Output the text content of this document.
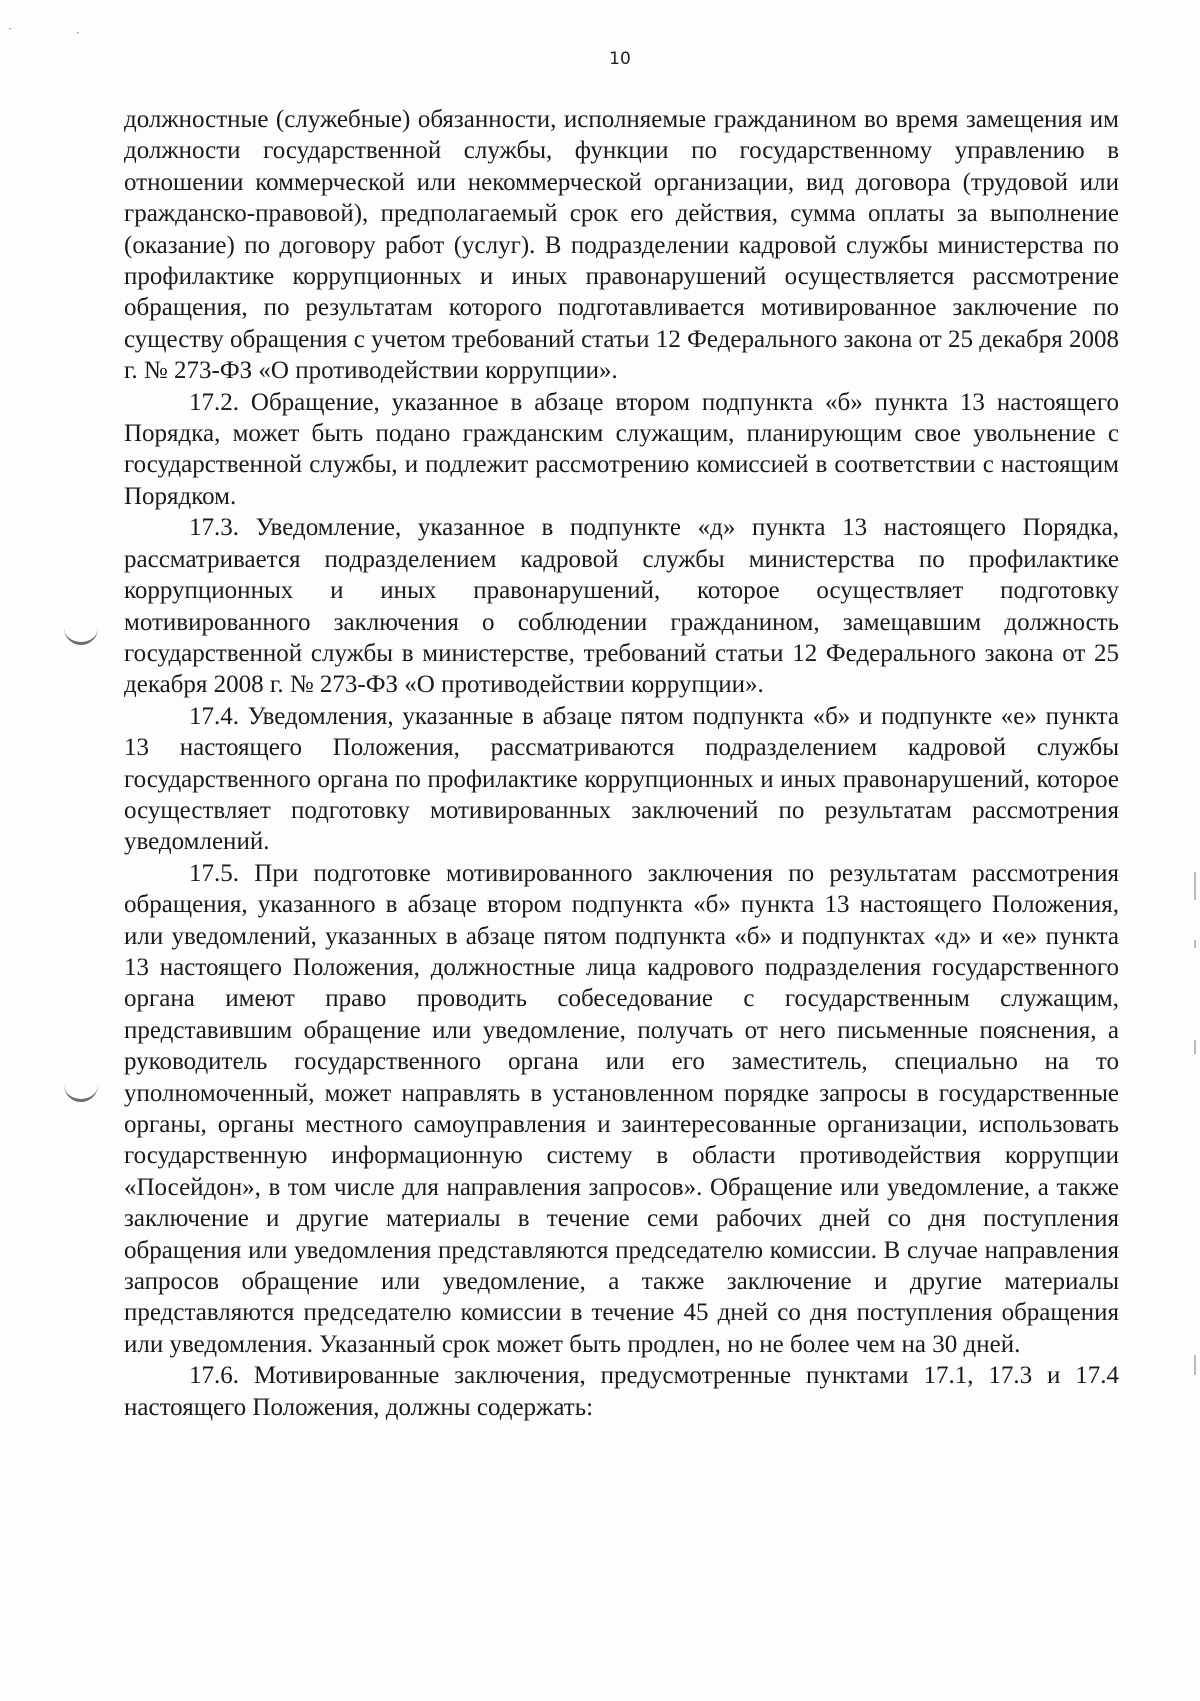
·	·
10

должностные (служебные) обязанности, исполняемые гражданином во время замещения им должности государственной службы, функции по государственному управлению в отношении коммерческой или некоммерческой организации, вид договора (трудовой или гражданско-правовой), предполагаемый срок его действия, сумма оплаты за выполнение (оказание) по договору работ (услуг). В подразделении кадровой службы министерства по профилактике коррупционных и иных правонарушений осуществляется рассмотрение обращения, по результатам которого подготавливается мотивированное заключение по существу обращения с учетом требований статьи 12 Федерального закона от 25 декабря 2008 г. № 273-ФЗ «О противодействии коррупции».

17.2. Обращение, указанное в абзаце втором подпункта «б» пункта 13 настоящего Порядка, может быть подано гражданским служащим, планирующим свое увольнение с государственной службы, и подлежит рассмотрению комиссией в соответствии с настоящим Порядком.

17.3. Уведомление, указанное в подпункте «д» пункта 13 настоящего Порядка, рассматривается подразделением кадровой службы министерства по профилактике коррупционных и иных правонарушений, которое осуществляет подготовку мотивированного заключения о соблюдении гражданином, замещавшим должность государственной службы в министерстве, требований статьи 12 Федерального закона от 25 декабря 2008 г. № 273-ФЗ «О противодействии коррупции».

17.4. Уведомления, указанные в абзаце пятом подпункта «б» и подпункте «е» пункта 13 настоящего Положения, рассматриваются подразделением кадровой службы государственного органа по профилактике коррупционных и иных правонарушений, которое осуществляет подготовку мотивированных заключений по результатам рассмотрения уведомлений.

17.5. При подготовке мотивированного заключения по результатам рассмотрения обращения, указанного в абзаце втором подпункта «б» пункта 13 настоящего Положения, или уведомлений, указанных в абзаце пятом подпункта «б» и подпунктах «д» и «е» пункта 13 настоящего Положения, должностные лица кадрового подразделения государственного органа имеют право проводить собеседование с государственным служащим, представившим обращение или уведомление, получать от него письменные пояснения, а руководитель государственного органа или его заместитель, специально на то уполномоченный, может направлять в установленном порядке запросы в государственные органы, органы местного самоуправления и заинтересованные организации, использовать государственную информационную систему в области противодействия коррупции «Посейдон», в том числе для направления запросов». Обращение или уведомление, а также заключение и другие материалы в течение семи рабочих дней со дня поступления обращения или уведомления представляются председателю комиссии. В случае направления запросов обращение или уведомление, а также заключение и другие материалы представляются председателю комиссии в течение 45 дней со дня поступления обращения или уведомления. Указанный срок может быть продлен, но не более чем на 30 дней.

17.6. Мотивированные заключения, предусмотренные пунктами 17.1, 17.3 и 17.4 настоящего Положения, должны содержать:
